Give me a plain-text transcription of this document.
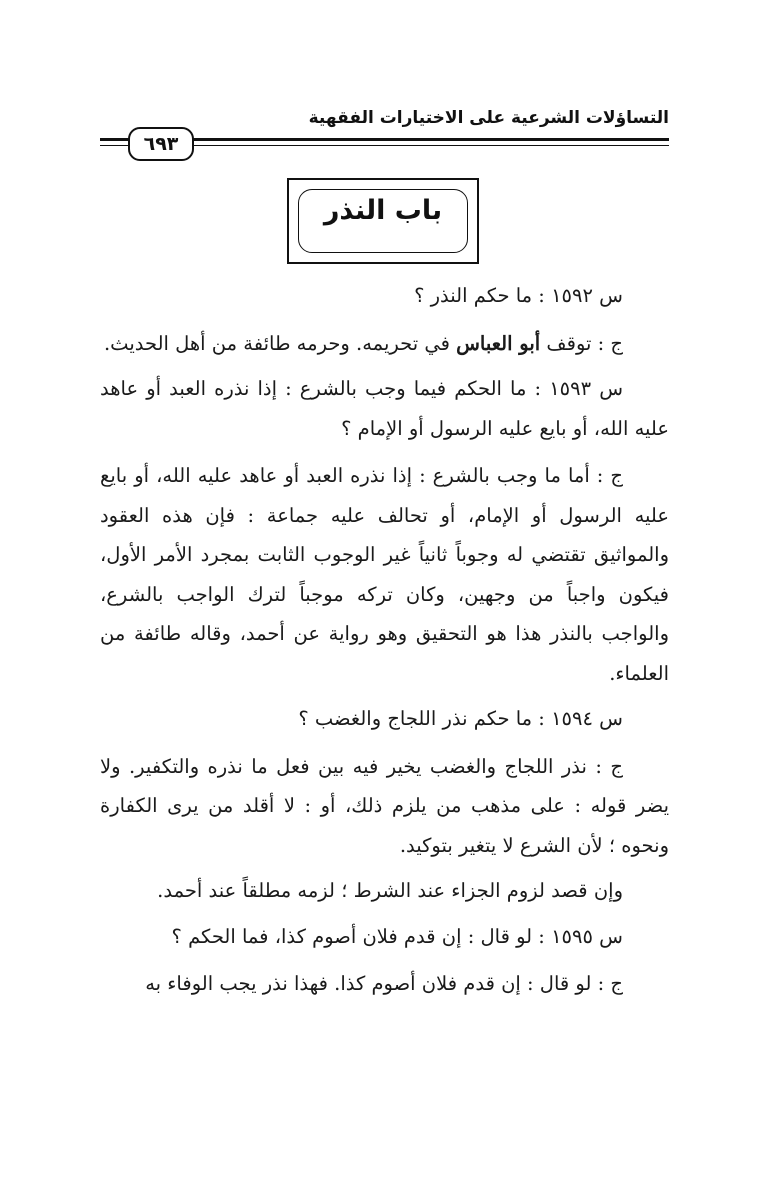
التساؤلات الشرعية على الاختيارات الفقهية
٦٩٣
باب النذر

س ١٥٩٢ : ما حكم النذر ؟

ج : توقف أبو العباس في تحريمه. وحرمه طائفة من أهل الحديث.

س ١٥٩٣ : ما الحكم فيما وجب بالشرع : إذا نذره العبد أو عاهد عليه الله، أو بايع عليه الرسول أو الإمام ؟

ج : أما ما وجب بالشرع : إذا نذره العبد أو عاهد عليه الله، أو بايع عليه الرسول أو الإمام، أو تحالف عليه جماعة : فإن هذه العقود والمواثيق تقتضي له وجوباً ثانياً غير الوجوب الثابت بمجرد الأمر الأول، فيكون واجباً من وجهين، وكان تركه موجباً لترك الواجب بالشرع، والواجب بالنذر هذا هو التحقيق وهو رواية عن أحمد، وقاله طائفة من العلماء.

س ١٥٩٤ : ما حكم نذر اللجاج والغضب ؟

ج : نذر اللجاج والغضب يخير فيه بين فعل ما نذره والتكفير. ولا يضر قوله : على مذهب من يلزم ذلك، أو : لا أقلد من يرى الكفارة ونحوه ؛ لأن الشرع لا يتغير بتوكيد.

وإن قصد لزوم الجزاء عند الشرط ؛ لزمه مطلقاً عند أحمد.

س ١٥٩٥ : لو قال : إن قدم فلان أصوم كذا، فما الحكم ؟

ج : لو قال : إن قدم فلان أصوم كذا. فهذا نذر يجب الوفاء به
